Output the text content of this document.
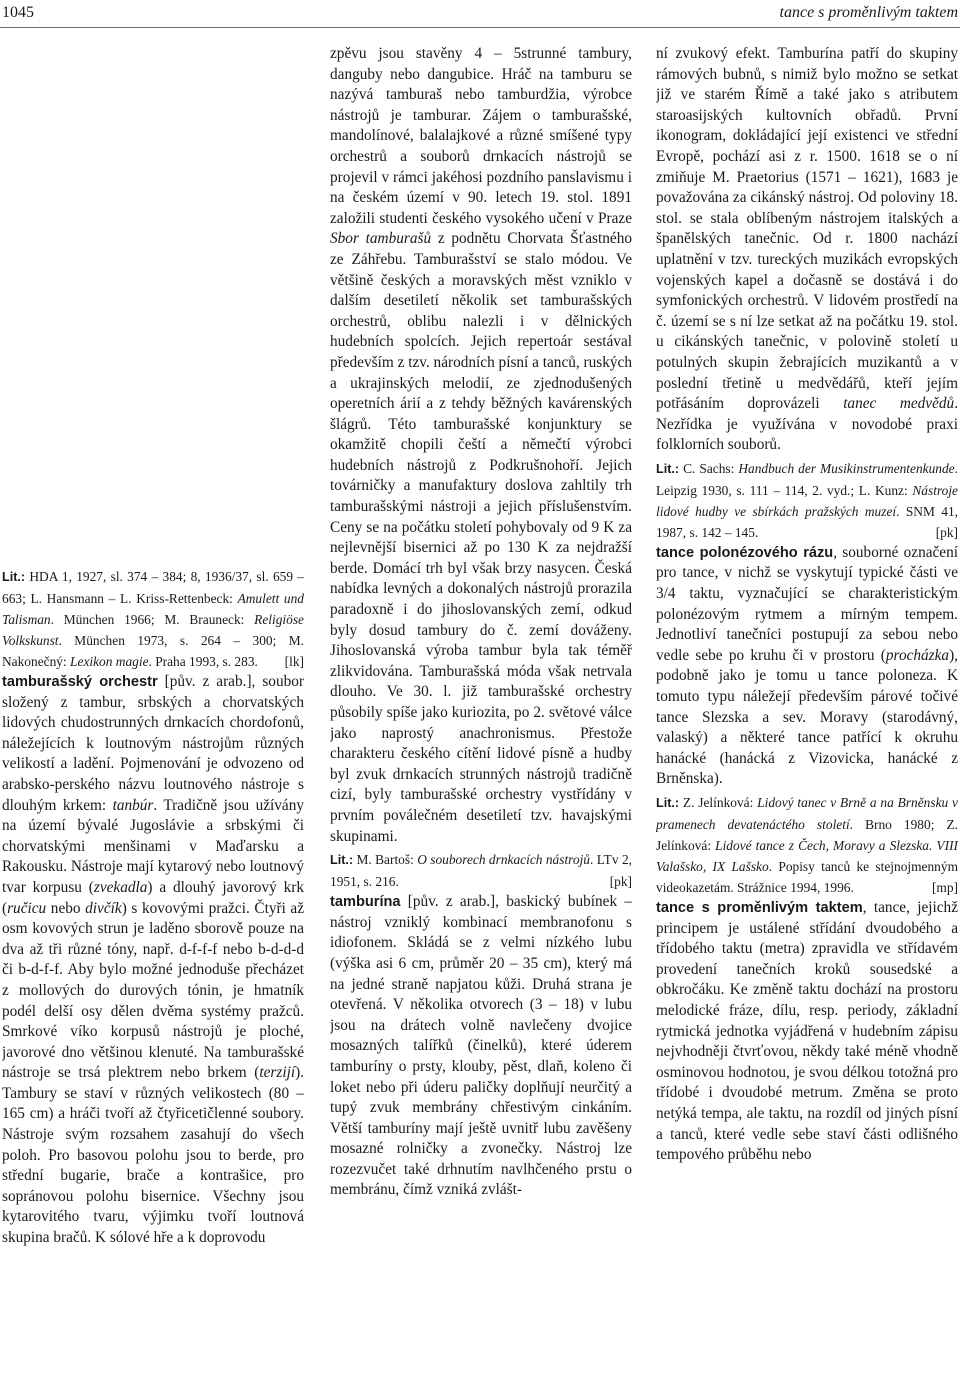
1045	tance s proměnlivým taktem

Lit.: HDA 1, 1927, sl. 374 – 384; 8, 1936/37, sl. 659 – 663; L. Hansmann – L. Kriss-Rettenbeck: Amulett und Talisman. München 1966; M. Brauneck: Religiöse Volkskunst. München 1973, s. 264 – 300; M. Nakonečný: Lexikon magie. Praha 1993, s. 283. [lk]

tamburašský orchestr [pův. z arab.], soubor složený z tambur, srbských a chorvatských lidových chudostrunných drnkacích chordofonů, náležejících k loutnovým nástrojům různých velikostí a ladění. Pojmenování je odvozeno od arabsko-perského názvu loutnového nástroje s dlouhým krkem: tanbúr. Tradičně jsou užívány na území bývalé Jugoslávie a srbskými či chorvatskými menšinami v Maďarsku a Rakousku. Nástroje mají kytarový nebo loutnový tvar korpusu (zvekadla) a dlouhý javorový krk (ručicu nebo divčík) s kovovými pražci. Čtyři až osm kovových strun je laděno sborově pouze na dva až tři různé tóny, např. d-f-f-f nebo b-d-d-d či b-d-f-f. Aby bylo možné jednoduše přecházet z mollových do durových tónin, je hmatník podél delší osy dělen dvěma systémy pražců. Smrkové víko korpusů nástrojů je ploché, javorové dno většinou klenuté. Na tamburašské nástroje se trsá plektrem nebo brkem (terzijí). Tambury se staví v různých velikostech (80 – 165 cm) a hráči tvoří až čtyřicetičlenné soubory. Nástroje svým rozsahem zasahují do všech poloh. Pro basovou polohu jsou to berde, pro střední bugarie, brače a kontrašice, pro sopránovou polohu bisernice. Všechny jsou kytarovitého tvaru, výjimku tvoří loutnová skupina bračů. K sólové hře a k doprovodu

zpěvu jsou stavěny 4 – 5strunné tambury, danguby nebo dangubice. Hráč na tamburu se nazývá tamburaš nebo tamburdžia, výrobce nástrojů je tamburar. Zájem o tamburašské, mandolínové, balalajkové a různé smíšené typy orchestrů a souborů drnkacích nástrojů se projevil v rámci jakéhosi pozdního panslavismu i na českém území v 90. letech 19. stol. 1891 založili studenti českého vysokého učení v Praze Sbor tamburašů z podnětu Chorvata Šťastného ze Záhřebu. Tamburašství se stalo módou. Ve většině českých a moravských měst vzniklo v dalším desetiletí několik set tamburašských orchestrů, oblibu nalezli i v dělnických hudebních spolcích. Jejich repertoár sestával především z tzv. národních písní a tanců, ruských a ukrajinských melodií, ze zjednodušených operetních árií a z tehdy běžných kavárenských šlágrů. Této tamburašské konjunktury se okamžitě chopili čeští a němečtí výrobci hudebních nástrojů z Podkrušnohoří. Jejich továrničky a manufaktury doslova zahltily trh tamburašskými nástroji a jejich příslušenstvím. Ceny se na počátku století pohybovaly od 9 K za nejlevnější bisernici až po 130 K za nejdražší berde. Domácí trh byl však brzy nasycen. Česká nabídka levných a dokonalých nástrojů prorazila paradoxně i do jihoslovanských zemí, odkud byly dosud tambury do č. zemí dováženy. Jihoslovanská výroba tambur byla tak téměř zlikvidována. Tamburašská móda však netrvala dlouho. Ve 30. l. již tamburašské orchestry působily spíše jako kuriozita, po 2. světové válce jako naprostý anachronismus. Přestože charakteru českého cítění lidové písně a hudby byl zvuk drnkacích strunných nástrojů tradičně cizí, byly tamburašské orchestry vystřídány v prvním poválečném desetiletí tzv. havajskými skupinami.

Lit.: M. Bartoš: O souborech drnkacích nástrojů. LTv 2, 1951, s. 216.	[pk]

tamburína [pův. z arab.], baskický bubínek – nástroj vzniklý kombinací membranofonu s idiofonem. Skládá se z velmi nízkého lubu (výška asi 6 cm, průměr 20 – 35 cm), který má na jedné straně napjatou kůži. Druhá strana je otevřená. V několika otvorech (3 – 18) v lubu jsou na drátech volně navlečeny dvojice mosazných talířků (činelků), které úderem tamburíny o prsty, klouby, pěst, dlaň, koleno či loket nebo při úderu paličky doplňují neurčitý a tupý zvuk membrány chřestivým cinkáním. Větší tamburíny mají ještě uvnitř lubu zavěšeny mosazné rolničky a zvonečky. Nástroj lze rozezvučet také drhnutím navlhčeného prstu o membránu, čímž vzniká zvlášt-

ní zvukový efekt. Tamburína patří do skupiny rámových bubnů, s nimiž bylo možno se setkat již ve starém Římě a také jako s atributem staroasijských kultovních obřadů. První ikonogram, dokládající její existenci ve střední Evropě, pochází asi z r. 1500. 1618 se o ní zmiňuje M. Praetorius (1571 – 1621), 1683 je považována za cikánský nástroj. Od poloviny 18. stol. se stala oblíbeným nástrojem italských a španělských tanečnic. Od r. 1800 nachází uplatnění v tzv. tureckých muzikách evropských vojenských kapel a dočasně se dostává i do symfonických orchestrů. V lidovém prostředí na č. území se s ní lze setkat až na počátku 19. stol. u cikánských tanečnic, v polovině století u potulných skupin žebrajících muzikantů a v poslední třetině u medvědářů, kteří jejím potřásáním doprovázeli tanec medvědů. Nezřídka je využívána v novodobé praxi folklorních souborů.

Lit.: C. Sachs: Handbuch der Musikinstrumentenkunde. Leipzig 1930, s. 111 – 114, 2. vyd.; L. Kunz: Nástroje lidové hudby ve sbírkách pražských muzeí. SNM 41, 1987, s. 142 – 145.	[pk]

tance polonézového rázu, souborné označení pro tance, v nichž se vyskytují typické části ve 3/4 taktu, vyznačující se charakteristickým polonézovým rytmem a mírným tempem. Jednotliví tanečníci postupují za sebou nebo vedle sebe po kruhu či v prostoru (procházka), podobně jako je tomu u tance poloneza. K tomuto typu náležejí především párové točivé tance Slezska a sev. Moravy (starodávný, valaský) a některé tance patřící k okruhu hanácké (hanácká z Vizovicka, hanácké z Brněnska).

Lit.: Z. Jelínková: Lidový tanec v Brně a na Brněnsku v pramenech devatenáctého století. Brno 1980; Z. Jelínková: Lidové tance z Čech, Moravy a Slezska. VIII Valašsko, IX Lašsko. Popisy tanců ke stejnojmenným videokazetám. Strážnice 1994, 1996.	[mp]

tance s proměnlivým taktem, tance, jejichž principem je ustálené střídání dvoudobého a třídobého taktu (metra) zpravidla ve střídavém provedení tanečních kroků sousedské a obkročáku. Ke změně taktu dochází na prostoru melodické fráze, dílu, resp. periody, základní rytmická jednotka vyjádřená v hudebním zápisu nejvhodněji čtvrťovou, někdy také méně vhodně osminovou hodnotou, je svou délkou totožná pro třídobé i dvoudobé metrum. Změna se proto netýká tempa, ale taktu, na rozdíl od jiných písní a tanců, které vedle sebe staví části odlišného tempového průběhu nebo
